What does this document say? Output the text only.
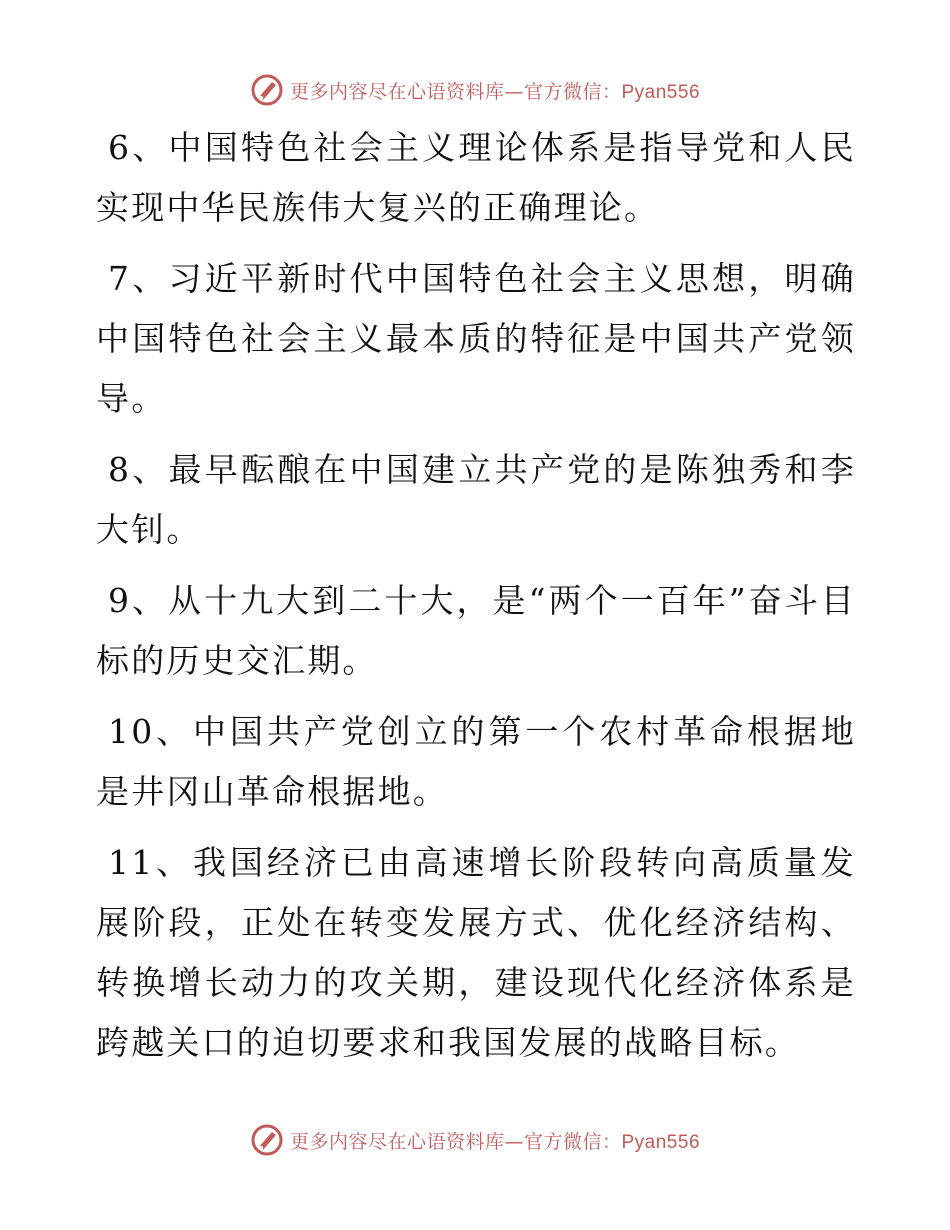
更多内容尽在心语资料库—官方微信：Pyan556

6、中国特色社会主义理论体系是指导党和人民实现中华民族伟大复兴的正确理论。

7、习近平新时代中国特色社会主义思想，明确中国特色社会主义最本质的特征是中国共产党领导。

8、最早酝酿在中国建立共产党的是陈独秀和李大钊。

9、从十九大到二十大，是“两个一百年”奋斗目标的历史交汇期。

10、中国共产党创立的第一个农村革命根据地是井冈山革命根据地。

11、我国经济已由高速增长阶段转向高质量发展阶段，正处在转变发展方式、优化经济结构、转换增长动力的攻关期，建设现代化经济体系是跨越关口的迫切要求和我国发展的战略目标。

更多内容尽在心语资料库—官方微信：Pyan556
